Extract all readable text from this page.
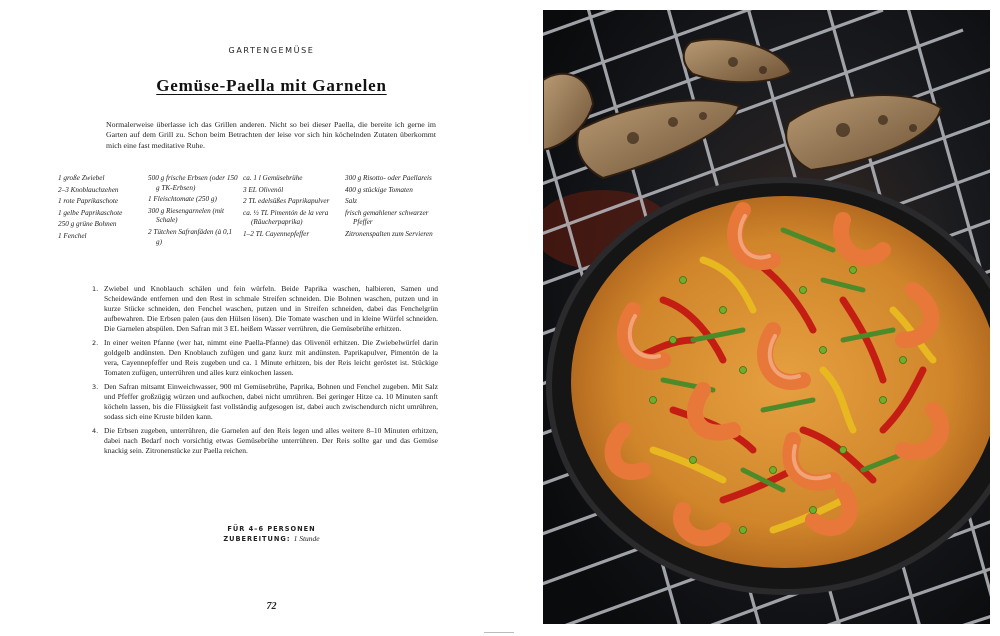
GARTENGEMÜSE
Gemüse-Paella mit Garnelen

Normalerweise überlasse ich das Grillen anderen. Nicht so bei dieser Paella, die bereite ich gerne im Garten auf dem Grill zu. Schon beim Betrachten der leise vor sich hin köchelnden Zutaten überkommt mich eine fast meditative Ruhe.

1 große Zwiebel
2–3 Knoblauchzehen
1 rote Paprikaschote
1 gelbe Paprikaschote
250 g grüne Bohnen
1 Fenchel
500 g frische Erbsen (oder 150 g TK-Erbsen)
1 Fleischtomate (250 g)
300 g Riesengarnelen (mit Schale)
2 Tütchen Safranfäden (à 0,1 g)
ca. 1 l Gemüsebrühe
3 EL Olivenöl
2 TL edelsüßes Paprikapulver
ca. ½ TL Pimentón de la vera (Räucherpaprika)
1–2 TL Cayennepfeffer
300 g Risotto- oder Paellareis
400 g stückige Tomaten
Salz
frisch gemahlener schwarzer Pfeffer
Zitronenspalten zum Servieren
1. Zwiebel und Knoblauch schälen und fein würfeln. Beide Paprika waschen, halbieren, Samen und Scheidewände entfernen und den Rest in schmale Streifen schneiden. Die Bohnen waschen, putzen und in kurze Stücke schneiden, den Fenchel waschen, putzen und in Streifen schneiden, dabei das Fenchelgrün aufbewahren. Die Erbsen palen (aus den Hülsen lösen). Die Tomate waschen und in kleine Würfel schneiden. Die Garnelen abspülen. Den Safran mit 3 EL heißem Wasser verrühren, die Gemüsebrühe erhitzen.
2. In einer weiten Pfanne (wer hat, nimmt eine Paella-Pfanne) das Olivenöl erhitzen. Die Zwiebelwürfel darin goldgelb andünsten. Den Knoblauch zufügen und ganz kurz mit andünsten. Paprikapulver, Pimentón de la vera, Cayennepfeffer und Reis zugeben und ca. 1 Minute erhitzen, bis der Reis leicht geröstet ist. Stückige Tomaten zufügen, unterrühren und alles kurz einkochen lassen.
3. Den Safran mitsamt Einweichwasser, 900 ml Gemüsebrühe, Paprika, Bohnen und Fenchel zugeben. Mit Salz und Pfeffer großzügig würzen und aufkochen, dabei nicht umrühren. Bei geringer Hitze ca. 10 Minuten sanft köcheln lassen, bis die Flüssigkeit fast vollständig aufgesogen ist, dabei auch zwischendurch nicht umrühren, sodass sich eine Kruste bilden kann.
4. Die Erbsen zugeben, unterrühren, die Garnelen auf den Reis legen und alles weitere 8–10 Minuten erhitzen, dabei nach Bedarf noch vorsichtig etwas Gemüsebrühe unterrühren. Der Reis sollte gar und das Gemüse knackig sein. Zitronenstücke zur Paella reichen.
FÜR 4–6 PERSONEN
ZUBEREITUNG: 1 Stunde
72
